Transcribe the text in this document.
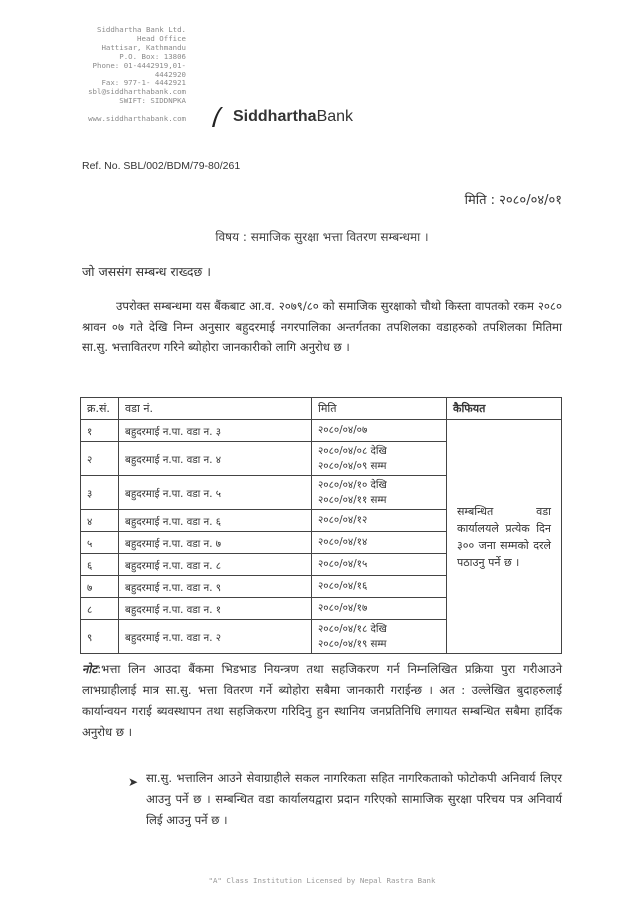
Siddhartha Bank Ltd.
Head Office
Hattisar, Kathmandu
P.O. Box: 13806
Phone: 01-4442919,01-
4442920
Fax: 977-1- 4442921
sbl@siddharthabank.com
SWIFT: SIDDNPKA
www.siddharthabank.com	SiddharthaBank
Ref. No. SBL/002/BDM/79-80/261
मिति : २०८०/०४/०१
विषय : समाजिक सुरक्षा भत्ता वितरण सम्बन्धमा ।
जो जससंग सम्बन्ध राख्दछ ।
उपरोक्त सम्बन्धमा यस बैंकबाट आ.व. २०७९/८० को समाजिक सुरक्षाको चौथो किस्ता वापतको रकम २०८० श्रावन ०७ गते देखि निम्न अनुसार बहुदरमाई नगरपालिका अन्तर्गतका तपशिलका वडाहरुको तपशिलका मितिमा सा.सु. भत्तावितरण गरिने ब्योहोरा जानकारीको लागि अनुरोध छ ।
क्र.सं.	वडा नं.	मिति	कैफियत
१	बहुदरमाई न.पा. वडा न. ३	२०८०/०४/०७	सम्बन्धित वडा कार्यालयले प्रत्येक दिन ३०० जना सम्मको दरले पठाउनु पर्ने छ ।
२	बहुदरमाई न.पा. वडा न. ४	२०८०/०४/०८ देखि
२०८०/०४/०९ सम्म	

३	बहुदरमाई न.पा. वडा न. ५	२०८०/०४/१० देखि
२०८०/०४/११ सम्म	

४	बहुदरमाई न.पा. वडा न. ६	२०८०/०४/१२	

५	बहुदरमाई न.पा. वडा न. ७	२०८०/०४/१४	

६	बहुदरमाई न.पा. वडा न. ८	२०८०/०४/१५	

७	बहुदरमाई न.पा. वडा न. ९	२०८०/०४/१६	

८	बहुदरमाई न.पा. वडा न. १	२०८०/०४/१७	

९	बहुदरमाई न.पा. वडा न. २	२०८०/०४/१८ देखि
२०८०/०४/१९ सम्म	
नोट:भत्ता लिन आउदा बैंकमा भिडभाड नियन्त्रण तथा सहजिकरण गर्न निम्नलिखित प्रक्रिया पुरा गरीआउने लाभग्राहीलाई मात्र सा.सु. भत्ता वितरण गर्ने ब्योहोरा सबैमा जानकारी गराईन्छ । अत : उल्लेखित बुदाहरुलाई कार्यान्वयन गराई ब्यवस्थापन तथा सहजिकरण गरिदिनु हुन स्थानिय जनप्रतिनिधि लगायत सम्बन्धित सबैमा हार्दिक अनुरोध छ ।
➤ सा.सु. भत्तालिन आउने सेवाग्राहीले सकल नागरिकता सहित नागरिकताको फोटोकपी अनिवार्य लिएर आउनु पर्ने छ । सम्बन्धित वडा कार्यालयद्वारा प्रदान गरिएको सामाजिक सुरक्षा परिचय पत्र अनिवार्य लिई आउनु पर्ने छ ।
"A" Class Institution Licensed by Nepal Rastra Bank
